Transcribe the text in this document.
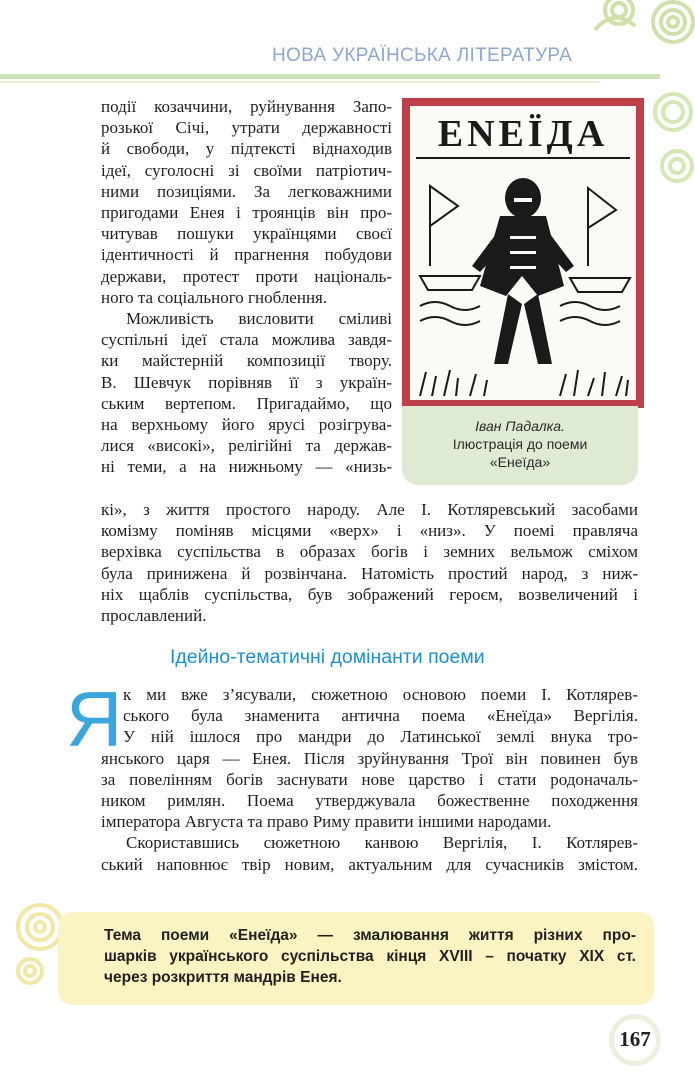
НОВА УКРАЇНСЬКА ЛІТЕРАТУРА
події козаччини, руйнування Запо-
розької Січі, утрати державності
й свободи, у підтексті віднаходив
ідеї, суголосні зі своїми патріотич-
ними позиціями. За легковажними
пригодами Енея і троянців він про-
читував пошуки українцями своєї
ідентичності й прагнення побудови
держави, протест проти національ-
ного та соціального гноблення.
Можливість висловити сміливі
суспільні ідеї стала можлива завдя-
ки майстерній композиції твору.
В. Шевчук порівняв її з україн-
ським вертепом. Пригадаймо, що
на верхньому його ярусі розігрува-
лися «високі», релігійні та держав-
ні теми, а на нижньому — «низь-
ЕNЕЇДА
Іван Падалка.
Ілюстрація до поеми
«Енеїда»
кі», з життя простого народу. Але І. Котляревський засобами
комізму поміняв місцями «верх» і «низ». У поемі правляча
верхівка суспільства в образах богів і земних вельмож сміхом
була принижена й розвінчана. Натомість простий народ, з ниж-
ніх щаблів суспільства, був зображений героєм, возвеличений і
прославлений.
Ідейно-тематичні домінанти поеми
Я к ми вже з’ясували, сюжетною основою поеми І. Котлярев-
ського була знаменита антична поема «Енеїда» Вергілія.
У ній ішлося про мандри до Латинської землі внука тро-
янського царя — Енея. Після зруйнування Трої він повинен був
за повелінням богів заснувати нове царство і стати родоначаль-
ником римлян. Поема утверджувала божественне походження
імператора Августа та право Риму правити іншими народами.
Скориставшись сюжетною канвою Вергілія, І. Котлярев-
ський наповнює твір новим, актуальним для сучасників змістом.
Тема поеми «Енеїда» — змалювання життя різних про-
шарків українського суспільства кінця XVIII – початку XIX ст.
через розкриття мандрів Енея.
167
